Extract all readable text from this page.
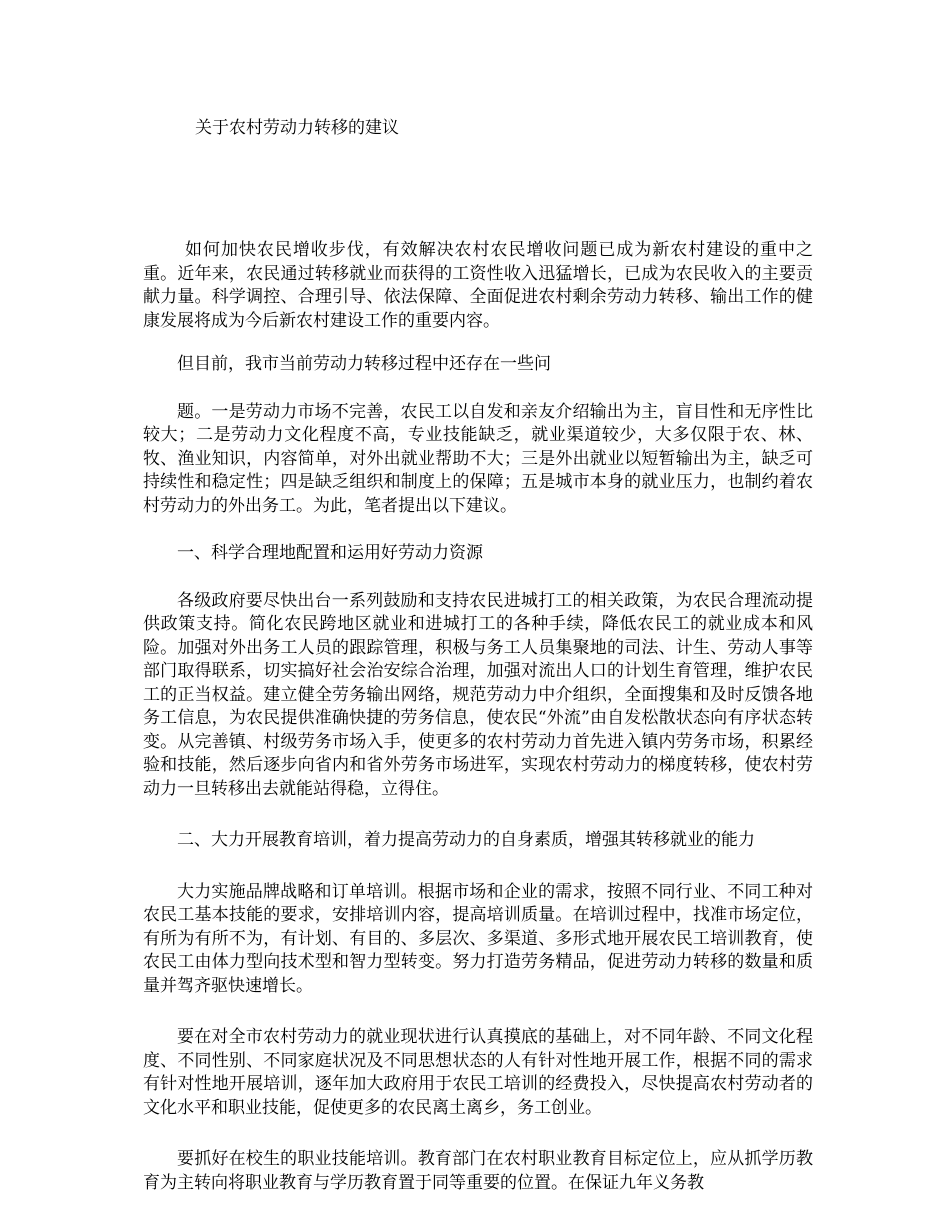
关于农村劳动力转移的建议

如何加快农民增收步伐，有效解决农村农民增收问题已成为新农村建设的重中之重。近年来，农民通过转移就业而获得的工资性收入迅猛增长，已成为农民收入的主要贡献力量。科学调控、合理引导、依法保障、全面促进农村剩余劳动力转移、输出工作的健康发展将成为今后新农村建设工作的重要内容。

但目前，我市当前劳动力转移过程中还存在一些问

题。一是劳动力市场不完善，农民工以自发和亲友介绍输出为主，盲目性和无序性比较大；二是劳动力文化程度不高，专业技能缺乏，就业渠道较少，大多仅限于农、林、牧、渔业知识，内容简单，对外出就业帮助不大；三是外出就业以短暂输出为主，缺乏可持续性和稳定性；四是缺乏组织和制度上的保障；五是城市本身的就业压力，也制约着农村劳动力的外出务工。为此，笔者提出以下建议。

一、科学合理地配置和运用好劳动力资源

各级政府要尽快出台一系列鼓励和支持农民进城打工的相关政策，为农民合理流动提供政策支持。简化农民跨地区就业和进城打工的各种手续，降低农民工的就业成本和风险。加强对外出务工人员的跟踪管理，积极与务工人员集聚地的司法、计生、劳动人事等部门取得联系，切实搞好社会治安综合治理，加强对流出人口的计划生育管理，维护农民工的正当权益。建立健全劳务输出网络，规范劳动力中介组织，全面搜集和及时反馈各地务工信息，为农民提供准确快捷的劳务信息，使农民“外流”由自发松散状态向有序状态转变。从完善镇、村级劳务市场入手，使更多的农村劳动力首先进入镇内劳务市场，积累经验和技能，然后逐步向省内和省外劳务市场进军，实现农村劳动力的梯度转移，使农村劳动力一旦转移出去就能站得稳，立得住。

二、大力开展教育培训，着力提高劳动力的自身素质，增强其转移就业的能力

大力实施品牌战略和订单培训。根据市场和企业的需求，按照不同行业、不同工种对农民工基本技能的要求，安排培训内容，提高培训质量。在培训过程中，找准市场定位，有所为有所不为，有计划、有目的、多层次、多渠道、多形式地开展农民工培训教育，使农民工由体力型向技术型和智力型转变。努力打造劳务精品，促进劳动力转移的数量和质量并驾齐驱快速增长。

要在对全市农村劳动力的就业现状进行认真摸底的基础上，对不同年龄、不同文化程度、不同性别、不同家庭状况及不同思想状态的人有针对性地开展工作，根据不同的需求有针对性地开展培训，逐年加大政府用于农民工培训的经费投入，尽快提高农村劳动者的文化水平和职业技能，促使更多的农民离土离乡，务工创业。

要抓好在校生的职业技能培训。教育部门在农村职业教育目标定位上，应从抓学历教育为主转向将职业教育与学历教育置于同等重要的位置。在保证九年义务教
